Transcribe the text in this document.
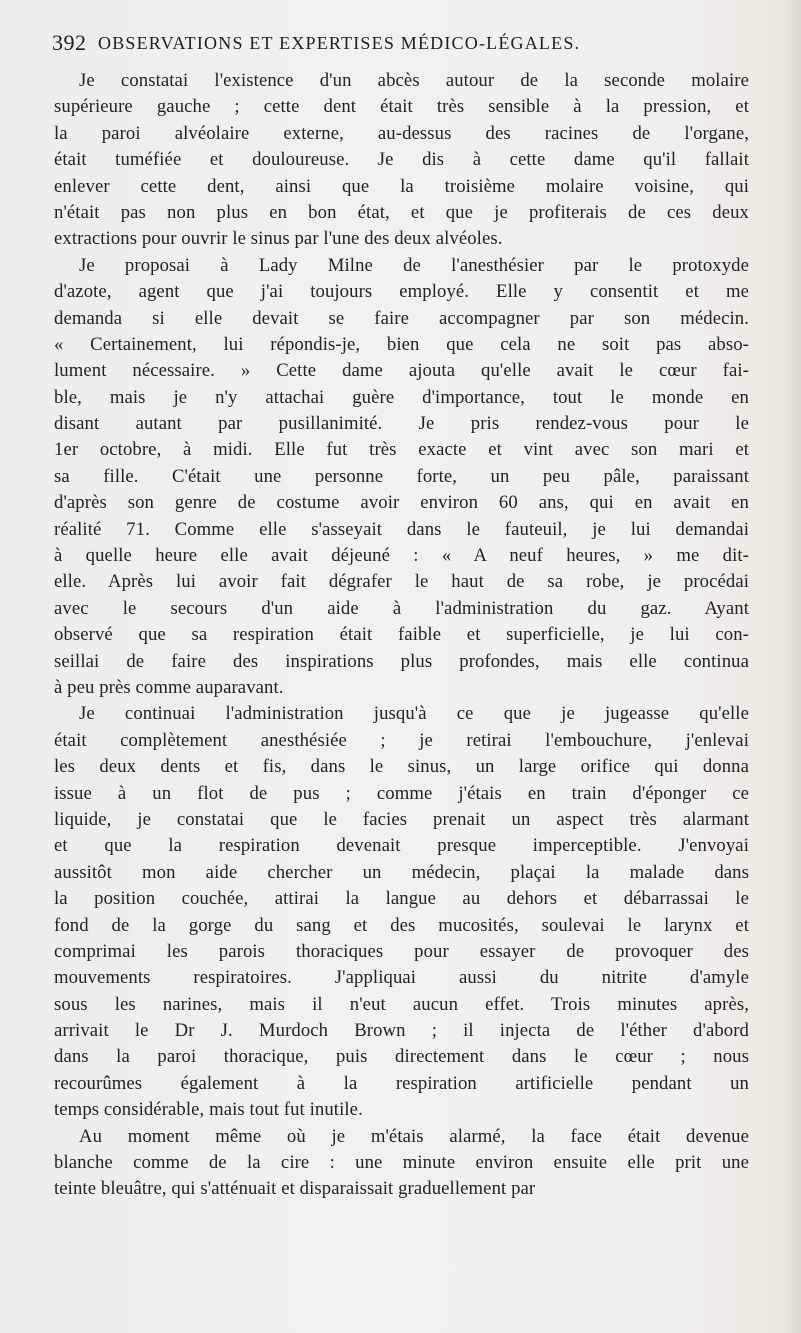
392 OBSERVATIONS ET EXPERTISES MÉDICO-LÉGALES.
Je constatai l'existence d'un abcès autour de la seconde molaire
supérieure gauche ; cette dent était très sensible à la pression, et
la paroi alvéolaire externe, au-dessus des racines de l'organe,
était tuméfiée et douloureuse. Je dis à cette dame qu'il fallait
enlever cette dent, ainsi que la troisième molaire voisine, qui
n'était pas non plus en bon état, et que je profiterais de ces deux
extractions pour ouvrir le sinus par l'une des deux alvéoles.
Je proposai à Lady Milne de l'anesthésier par le protoxyde
d'azote, agent que j'ai toujours employé. Elle y consentit et me
demanda si elle devait se faire accompagner par son médecin.
« Certainement, lui répondis-je, bien que cela ne soit pas abso-
lument nécessaire. » Cette dame ajouta qu'elle avait le cœur fai-
ble, mais je n'y attachai guère d'importance, tout le monde en
disant autant par pusillanimité. Je pris rendez-vous pour le
1er octobre, à midi. Elle fut très exacte et vint avec son mari et
sa fille. C'était une personne forte, un peu pâle, paraissant
d'après son genre de costume avoir environ 60 ans, qui en avait en
réalité 71. Comme elle s'asseyait dans le fauteuil, je lui demandai
à quelle heure elle avait déjeuné : « A neuf heures, » me dit-
elle. Après lui avoir fait dégrafer le haut de sa robe, je procédai
avec le secours d'un aide à l'administration du gaz. Ayant
observé que sa respiration était faible et superficielle, je lui con-
seillai de faire des inspirations plus profondes, mais elle continua
à peu près comme auparavant.
Je continuai l'administration jusqu'à ce que je jugeasse qu'elle
était complètement anesthésiée ; je retirai l'embouchure, j'enlevai
les deux dents et fis, dans le sinus, un large orifice qui donna
issue à un flot de pus ; comme j'étais en train d'éponger ce
liquide, je constatai que le facies prenait un aspect très alarmant
et que la respiration devenait presque imperceptible. J'envoyai
aussitôt mon aide chercher un médecin, plaçai la malade dans
la position couchée, attirai la langue au dehors et débarrassai le
fond de la gorge du sang et des mucosités, soulevai le larynx et
comprimai les parois thoraciques pour essayer de provoquer des
mouvements respiratoires. J'appliquai aussi du nitrite d'amyle
sous les narines, mais il n'eut aucun effet. Trois minutes après,
arrivait le Dr J. Murdoch Brown ; il injecta de l'éther d'abord
dans la paroi thoracique, puis directement dans le cœur ; nous
recourûmes également à la respiration artificielle pendant un
temps considérable, mais tout fut inutile.
Au moment même où je m'étais alarmé, la face était devenue
blanche comme de la cire : une minute environ ensuite elle prit une
teinte bleuâtre, qui s'atténuait et disparaissait graduellement par
